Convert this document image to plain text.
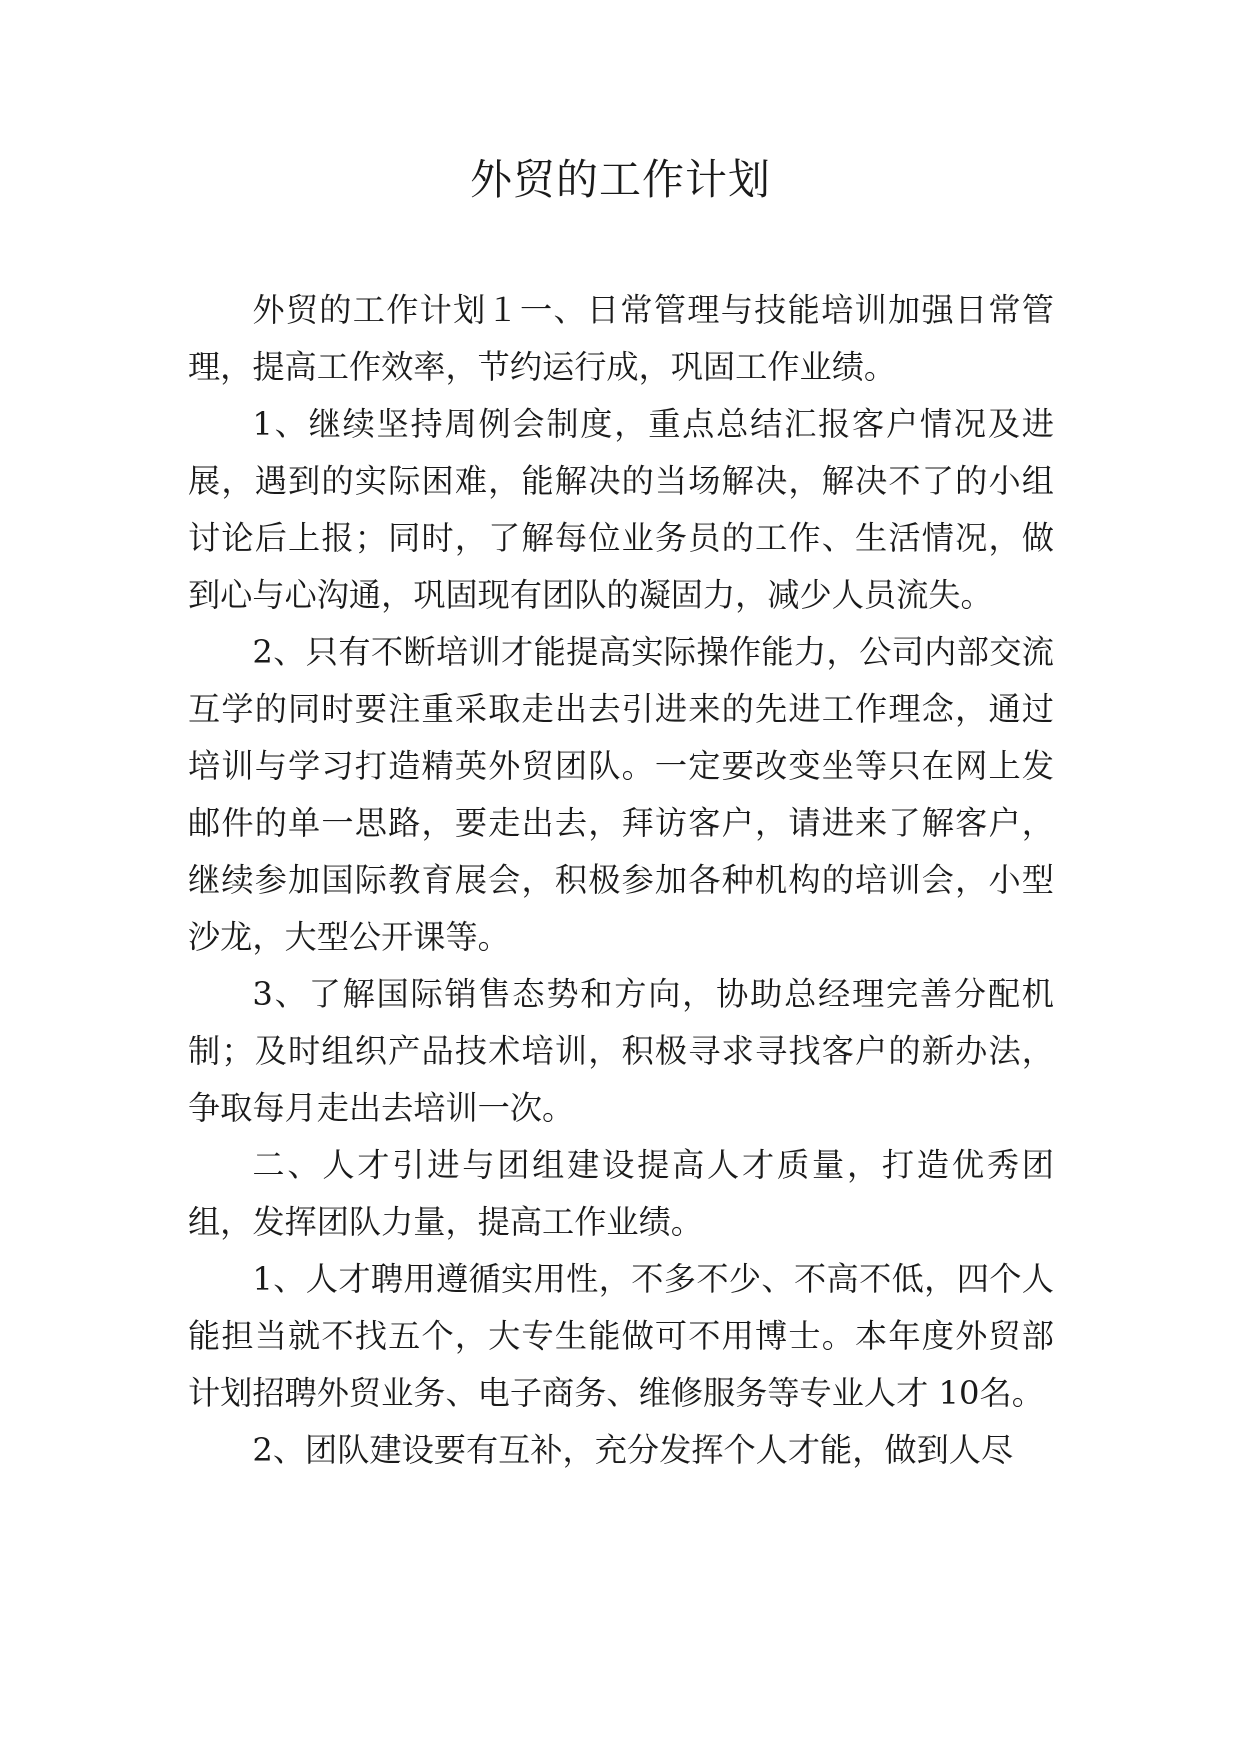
外贸的工作计划

外贸的工作计划１一、日常管理与技能培训加强日常管理，提高工作效率，节约运行成，巩固工作业绩。

1、继续坚持周例会制度，重点总结汇报客户情况及进展，遇到的实际困难，能解决的当场解决，解决不了的小组讨论后上报；同时，了解每位业务员的工作、生活情况，做到心与心沟通，巩固现有团队的凝固力，减少人员流失。

2、只有不断培训才能提高实际操作能力，公司内部交流互学的同时要注重采取走出去引进来的先进工作理念，通过培训与学习打造精英外贸团队。一定要改变坐等只在网上发邮件的单一思路，要走出去，拜访客户，请进来了解客户，继续参加国际教育展会，积极参加各种机构的培训会，小型沙龙，大型公开课等。

3、了解国际销售态势和方向，协助总经理完善分配机制；及时组织产品技术培训，积极寻求寻找客户的新办法，争取每月走出去培训一次。

二、人才引进与团组建设提高人才质量，打造优秀团组，发挥团队力量，提高工作业绩。

1、人才聘用遵循实用性，不多不少、不高不低，四个人能担当就不找五个，大专生能做可不用博士。本年度外贸部计划招聘外贸业务、电子商务、维修服务等专业人才 10名。

2、团队建设要有互补，充分发挥个人才能，做到人尽
